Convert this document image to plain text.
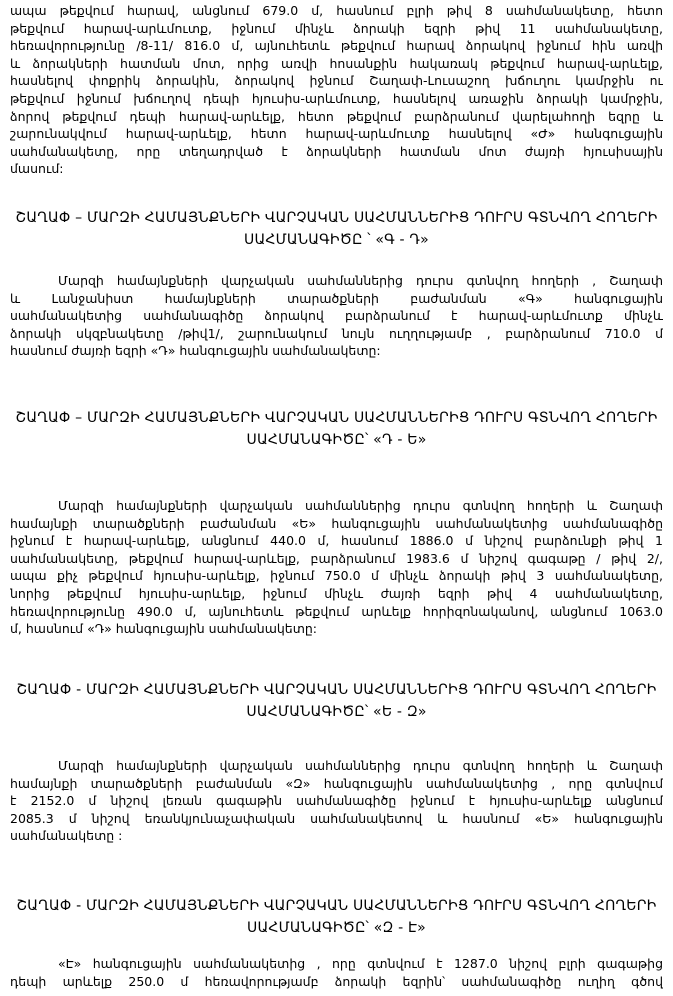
ապա թեքվում հարավ, անցնում 679.0 մ, հասնում բլրի թիվ 8 սահմանակետը, հետո
թեքվում հարավ-արևմուտք, իջնում մինչև ձորակի եզրի թիվ 11 սահմանակետը,
հեռավորությունը /8-11/ 816.0 մ, այնուհետև թեքվում հարավ ձորակով իջնում հին առվի
և ձորակների հատման մոտ, որից առվի հոսանքին հակառակ թեքվում հարավ-արևելք,
հասնելով փոքրիկ ձորակին, ձորակով իջնում Շաղափ-Լուսաշող խճուղու կամրջին ու
թեքվում իջնում խճուղով դեպի հյուսիս-արևմուտք, հասնելով առաջին ձորակի կամրջին,
ձորով թեքվում դեպի հարավ-արևելք, հետո թեքվում բարձրանում վարելահողի եզրը և
շարունակվում հարավ-արևելք, հետո հարավ-արևմուտք հասնելով «Ժ» հանգուցային
սահմանակետը, որը տեղադրված է ձորակների հատման մոտ ժայռի հյուսիսային
մասում:
ՇԱՂԱՓ – ՄԱՐԶԻ ՀԱՄԱՅՆՔՆԵՐԻ ՎԱՐՉԱԿԱՆ ՍԱՀՄԱՆՆԵՐԻՑ ԴՈՒՐՍ ԳՏՆՎՈՂ ՀՈՂԵՐԻ
ՍԱՀՄԱՆԱԳԻԾԸ ՝ «Գ - Դ»
Մարզի համայնքների վարչական սահմաններից դուրս գտնվող հողերի , Շաղափ
և Լանջանիստ համայնքների տարածքների բաժանման «Գ» հանգուցային
սահմանակետից սահմանագիծը ձորակով բարձրանում է հարավ-արևմուտք մինչև
ձորակի սկզբնակետը /թիվ1/, շարունակում նույն ուղղությամբ , բարձրանում 710.0 մ
հասնում ժայռի եզրի «Դ» հանգուցային սահմանակետը:
ՇԱՂԱՓ – ՄԱՐԶԻ ՀԱՄԱՅՆՔՆԵՐԻ ՎԱՐՉԱԿԱՆ ՍԱՀՄԱՆՆԵՐԻՑ ԴՈՒՐՍ ԳՏՆՎՈՂ ՀՈՂԵՐԻ
ՍԱՀՄԱՆԱԳԻԾԸ՝ «Դ - Ե»
Մարզի համայնքների վարչական սահմաններից դուրս գտնվող հողերի և Շաղափ
համայնքի տարածքների բաժանման «Ե» հանգուցային սահմանակետից սահմանագիծը
իջնում է հարավ-արևելք, անցնում 440.0 մ, հասնում 1886.0 մ նիշով բարձունքի թիվ 1
սահմանակետը, թեքվում հարավ-արևելք, բարձրանում 1983.6 մ նիշով գագաթը / թիվ 2/,
ապա քիչ թեքվում հյուսիս-արևելք, իջնում 750.0 մ մինչև ձորակի թիվ 3 սահմանակետը,
նորից թեքվում հյուսիս-արևելք, իջնում մինչև ժայռի եզրի թիվ 4 սահմանակետը,
հեռավորությունը 490.0 մ, այնուհետև թեքվում արևելք հորիզոնականով, անցնում 1063.0
մ, հասնում «Դ» հանգուցային սահմանակետը:
ՇԱՂԱՓ - ՄԱՐԶԻ ՀԱՄԱՅՆՔՆԵՐԻ ՎԱՐՉԱԿԱՆ ՍԱՀՄԱՆՆԵՐԻՑ ԴՈՒՐՍ ԳՏՆՎՈՂ ՀՈՂԵՐԻ
ՍԱՀՄԱՆԱԳԻԾԸ՝ «Ե - Զ»
Մարզի համայնքների վարչական սահմաններից դուրս գտնվող հողերի և Շաղափ
համայնքի տարածքների բաժանման «Զ» հանգուցային սահմանակետից , որը գտնվում
է 2152.0 մ նիշով լեռան գագաթին սահմանագիծը իջնում է հյուսիս-արևելք անցնում
2085.3 մ նիշով եռանկյունաչափական սահմանակետով և հասնում «Ե» հանգուցային
սահմանակետը :
ՇԱՂԱՓ - ՄԱՐԶԻ ՀԱՄԱՅՆՔՆԵՐԻ ՎԱՐՉԱԿԱՆ ՍԱՀՄԱՆՆԵՐԻՑ ԴՈՒՐՍ ԳՏՆՎՈՂ ՀՈՂԵՐԻ
ՍԱՀՄԱՆԱԳԻԾԸ՝ «Զ - Է»
«Է» հանգուցային սահմանակետից , որը գտնվում է 1287.0 նիշով բլրի գագաթից
դեպի արևելք 250.0 մ հեռավորությամբ ձորակի եզրին՝ սահմանագիծը ուղիղ գծով
